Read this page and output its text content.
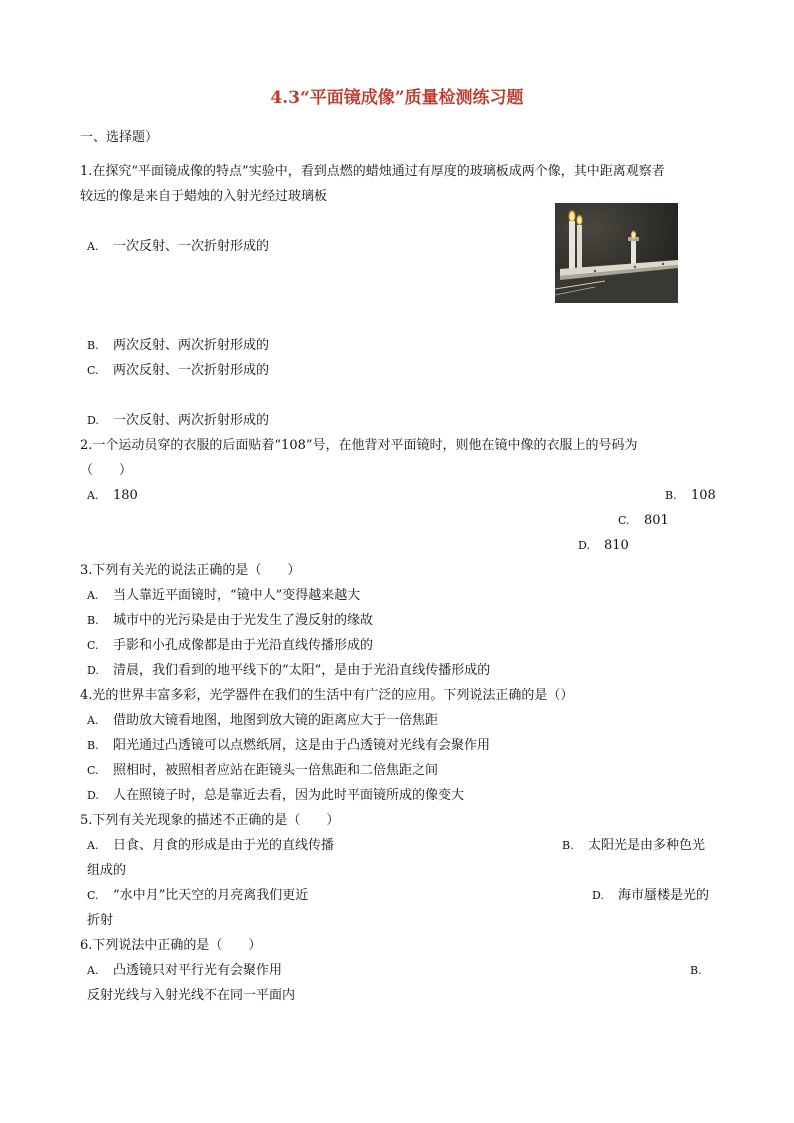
4.3“平面镜成像”质量检测练习题
一、选择题）
1.在探究“平面镜成像的特点”实验中，看到点燃的蜡烛通过有厚度的玻璃板成两个像，其中距离观察者
较远的像是来自于蜡烛的入射光经过玻璃板
A. 一次反射、一次折射形成的
B. 两次反射、两次折射形成的
C. 两次反射、一次折射形成的
D. 一次反射、两次折射形成的
2.一个运动员穿的衣服的后面贴着“108”号，在他背对平面镜时，则他在镜中像的衣服上的号码为
（　　）
A. 180	B. 108
C. 801
D. 810
3.下列有关光的说法正确的是（　　）
A. 当人靠近平面镜时，“镜中人”变得越来越大
B. 城市中的光污染是由于光发生了漫反射的缘故
C. 手影和小孔成像都是由于光沿直线传播形成的
D. 清晨，我们看到的地平线下的“太阳”，是由于光沿直线传播形成的
4.光的世界丰富多彩，光学器件在我们的生活中有广泛的应用。下列说法正确的是（）
A. 借助放大镜看地图，地图到放大镜的距离应大于一倍焦距
B. 阳光通过凸透镜可以点燃纸屑，这是由于凸透镜对光线有会聚作用
C. 照相时，被照相者应站在距镜头一倍焦距和二倍焦距之间
D. 人在照镜子时，总是靠近去看，因为此时平面镜所成的像变大
5.下列有关光现象的描述不正确的是（　　）
A. 日食、月食的形成是由于光的直线传播	B. 太阳光是由多种色光
组成的
C. “水中月”比天空的月亮离我们更近	D. 海市蜃楼是光的
折射
6.下列说法中正确的是（　　）
A. 凸透镜只对平行光有会聚作用	B.
反射光线与入射光线不在同一平面内
